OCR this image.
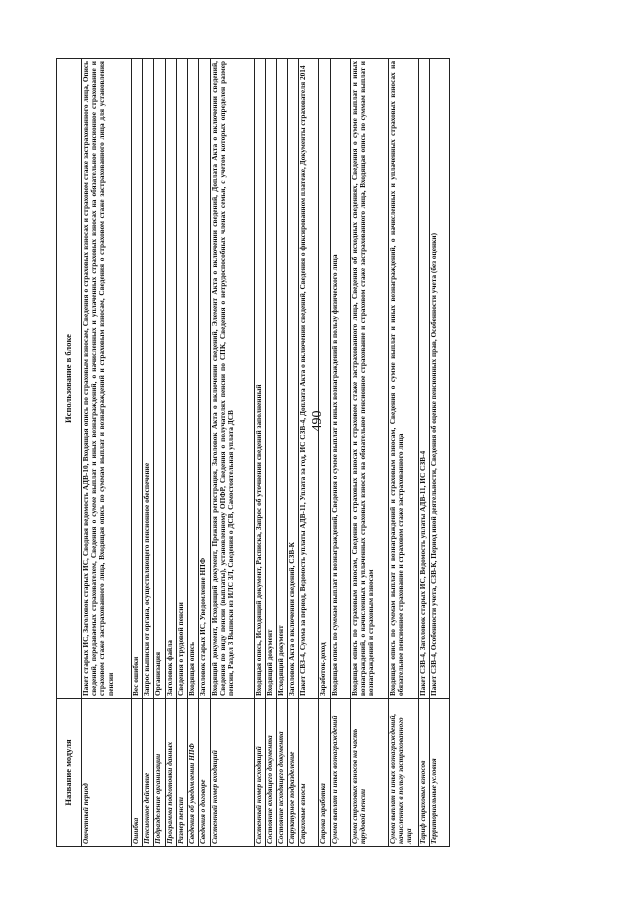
490
Название модуля	Использование в блоке
Отчетный период	Пакет старых ИС, Заголовок старых ИС, Сводная ведомость АДВ-10, Входящая опись по страховым взносам, Сведения о страховых взносах и страховом стаже застрахованного лица, Опись сведений, передаваемых страхователем, Сведения о сумме выплат и иных вознаграждений, о начисленных и уплаченных страховых взносах на обязательное пенсионное страхование и страховом стаже застрахованного лица, Входящая опись по суммам выплат и вознаграждений и страховым взносам, Сведения о страховом стаже застрахованного лица для установления пенсии
Ошибка	Вес ошибки
Пенсионное действие	Запрос выписки от органа, осуществляющего пенсионное обеспечение
Подразделение организации	Организация
Программа подготовки данных	Заголовок файла
Размер пенсии	Сведения о трудовой пенсии
Сведения об уведомлении НПФ	Входящая опись
Сведения о договоре	Заголовок старых ИС, Уведомление НПФ
Системный номер входящий	Входящий документ, Исходящий документ, Прежняя регистрация, Заголовок Акта о включении сведений, Элемент Акта о включении сведений, Доплата Акта о включении сведений, Сведения по виду пенсии (выплаты), установленному ОПФР, Сведения о получателях пенсии по СПК, Сведения о нетрудоспособных членах семьи, с учетом которых определен размер пенсии, Раздел 3 Выписки из ИЛС ЗЛ, Сведения о ДСВ, Самостоятельная уплата ДСВ
Системный номер исходящий	Входящая опись, Исходящий документ, Расписка, Запрос об уточнении сведений заполненный
Состояние входящего документа	Входящий документ
Состояние исходящего документа	Исходящий документ
Структурное подразделение	Заголовок Акта о включении сведений, СЗВ-К
Страховые взносы	Пакет СВЗ-4, Сумма за период, Ведомость уплаты АДВ-11, Уплата за год, ИС СЗВ-4, Доплата Акта о включении сведений, Сведения о фиксированном платеже, Документы страхователя 2014
Строка заработка	Заработок-доход
Сумма выплат и иных вознаграждений	Входящая опись по суммам выплат и вознаграждений, Сведения о сумме выплат и иных вознаграждений в пользу физического лица
Сумма страховых взносов на часть трудовой пенсии	Входящая опись по страховым взносам, Сведения о страховых взносах и страховом стаже застрахованного лица, Сведения об исходных сведениях, Сведения о сумме выплат и иных вознаграждений, о начисленных и уплаченных страховых взносах на обязательное пенсионное страхование и страховом стаже застрахованного лица, Входящая опись по суммам выплат и вознаграждений и страховым взносам
Сумма выплат и иных вознаграждений, начисленных в пользу застрахованного лица	Входящая опись по суммам выплат и вознаграждений и страховым взносам, Сведения о сумме выплат и иных вознаграждений, о начисленных и уплаченных страховых взносах на обязательное пенсионное страхование и страховом стаже застрахованного лица
Тариф страховых взносов	Пакет СЗВ-4, Заголовок старых ИС, Ведомость уплаты АДВ-11, ИС СЗВ-4
Территориальные условия	Пакет СЗВ-4, Особенности учета, СЗВ-К, Период иной деятельности, Сведения об оценке пенсионных прав, Особенности учета (без оценки)
